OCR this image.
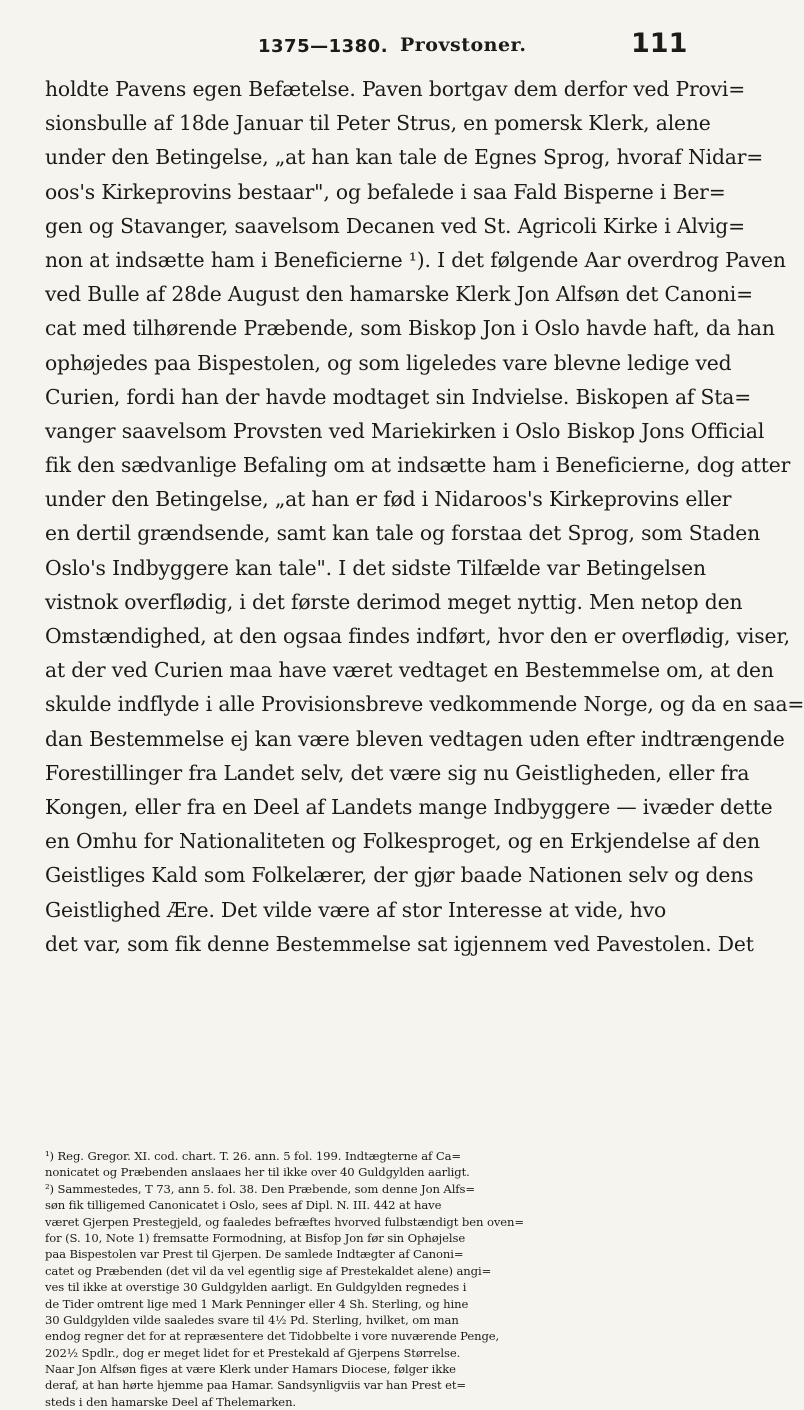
1375—1380. Provstoner.	111
holdte Pavens egen Befætelse. Paven bortgav dem derfor ved Provi=
sionsbulle af 18de Januar til Peter Strus, en pomersk Klerk, alene
under den Betingelse, „at han kan tale de Egnes Sprog, hvoraf Nidar=
oos's Kirkeprovins bestaar", og befalede i saa Fald Bisperne i Ber=
gen og Stavanger, saavelsom Decanen ved St. Agricoli Kirke i Alvig=
non at indsætte ham i Beneficierne ¹). I det følgende Aar overdrog Paven
ved Bulle af 28de August den hamarske Klerk Jon Alfsøn det Canoni=
cat med tilhørende Præbende, som Biskop Jon i Oslo havde haft, da han
ophøjedes paa Bispestolen, og som ligeledes vare blevne ledige ved
Curien, fordi han der havde modtaget sin Indvielse. Biskopen af Sta=
vanger saavelsom Provsten ved Mariekirken i Oslo Biskop Jons Official
fik den sædvanlige Befaling om at indsætte ham i Beneficierne, dog atter
under den Betingelse, „at han er fød i Nidaroos's Kirkeprovins eller
en dertil grændsende, samt kan tale og forstaa det Sprog, som Staden
Oslo's Indbyggere kan tale". I det sidste Tilfælde var Betingelsen
vistnok overflødig, i det første derimod meget nyttig. Men netop den
Omstændighed, at den ogsaa findes indført, hvor den er overflødig, viser,
at der ved Curien maa have været vedtaget en Bestemmelse om, at den
skulde indflyde i alle Provisionsbreve vedkommende Norge, og da en saa=
dan Bestemmelse ej kan være bleven vedtagen uden efter indtrængende
Forestillinger fra Landet selv, det være sig nu Geistligheden, eller fra
Kongen, eller fra en Deel af Landets mange Indbyggere — ivæder dette
en Omhu for Nationaliteten og Folkesproget, og en Erkjendelse af den
Geistliges Kald som Folkelærer, der gjør baade Nationen selv og dens
Geistlighed Ære. Det vilde være af stor Interesse at vide, hvo
det var, som fik denne Bestemmelse sat igjennem ved Pavestolen. Det
¹) Reg. Gregor. XI. cod. chart. T. 26. ann. 5 fol. 199. Indtægterne af Ca=
nonicatet og Præbenden anslaaes her til ikke over 40 Guldgylden aarligt.
²) Sammestedes, T 73, ann 5. fol. 38. Den Præbende, som denne Jon Alfs=
søn fik tilligemed Canonicatet i Oslo, sees af Dipl. N. III. 442 at have
været Gjerpen Prestegjeld, og faaledes befræftes hvorved fulbstændigt ben oven=
for (S. 10, Note 1) fremsatte Formodning, at Bisfop Jon før sin Ophøjelse
paa Bispestolen var Prest til Gjerpen. De samlede Indtægter af Canoni=
catet og Præbenden (det vil da vel egentlig sige af Prestekaldet alene) angi=
ves til ikke at overstige 30 Guldgylden aarligt. En Guldgylden regnedes i
de Tider omtrent lige med 1 Mark Penninger eller 4 Sh. Sterling, og hine
30 Guldgylden vilde saaledes svare til 4½ Pd. Sterling, hvilket, om man
endog regner det for at repræsentere det Tidobbelte i vore nuværende Penge,
202½ Spdlr., dog er meget lidet for et Prestekald af Gjerpens Størrelse.
Naar Jon Alfsøn figes at være Klerk under Hamars Diocese, følger ikke
deraf, at han hørte hjemme paa Hamar. Sandsynligviis var han Prest et=
steds i den hamarske Deel af Thelemarken.
